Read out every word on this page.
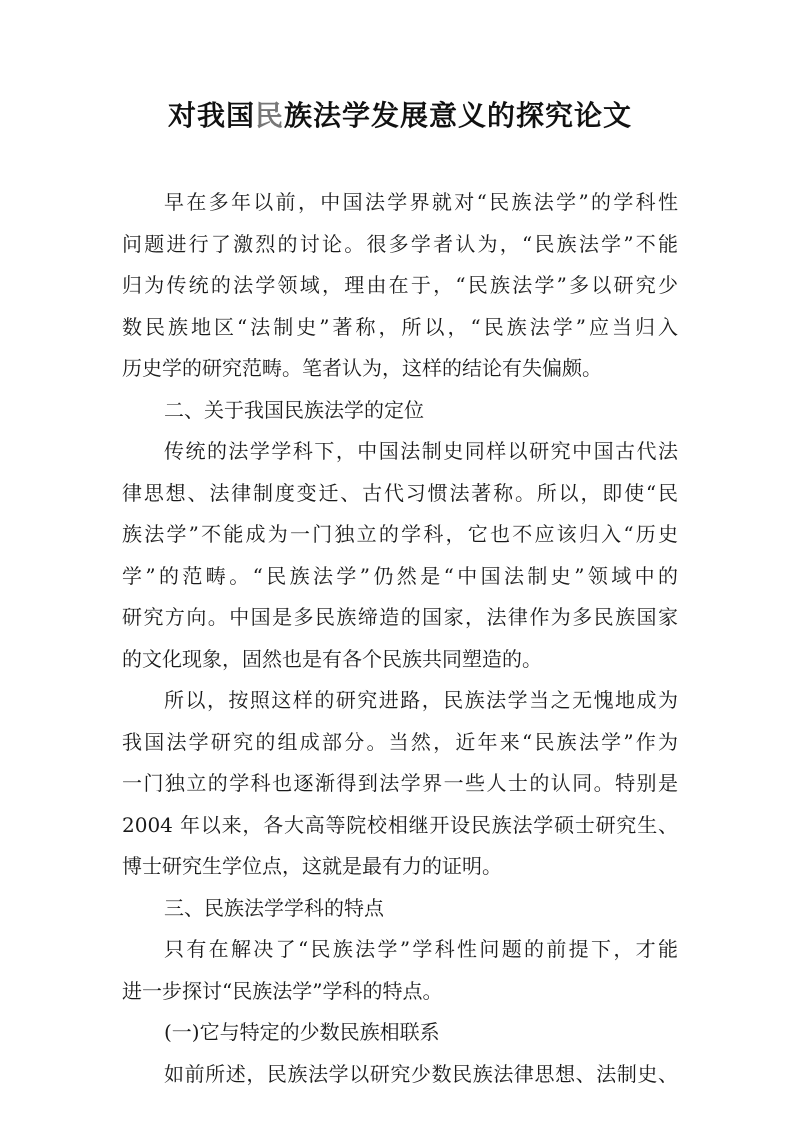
对我国民族法学发展意义的探究论文
早在多年以前，中国法学界就对“民族法学”的学科性
问题进行了激烈的讨论。很多学者认为，“民族法学”不能
归为传统的法学领域，理由在于，“民族法学”多以研究少
数民族地区“法制史”著称，所以，“民族法学”应当归入
历史学的研究范畴。笔者认为，这样的结论有失偏颇。
二、关于我国民族法学的定位
传统的法学学科下，中国法制史同样以研究中国古代法
律思想、法律制度变迁、古代习惯法著称。所以，即使“民
族法学”不能成为一门独立的学科，它也不应该归入“历史
学”的范畴。“民族法学”仍然是“中国法制史”领域中的
研究方向。中国是多民族缔造的国家，法律作为多民族国家
的文化现象，固然也是有各个民族共同塑造的。
所以，按照这样的研究进路，民族法学当之无愧地成为
我国法学研究的组成部分。当然，近年来“民族法学”作为
一门独立的学科也逐渐得到法学界一些人士的认同。特别是
2004 年以来，各大高等院校相继开设民族法学硕士研究生、
博士研究生学位点，这就是最有力的证明。
三、民族法学学科的特点
只有在解决了“民族法学”学科性问题的前提下，才能
进一步探讨“民族法学”学科的特点。
(一)它与特定的少数民族相联系
如前所述，民族法学以研究少数民族法律思想、法制史、
